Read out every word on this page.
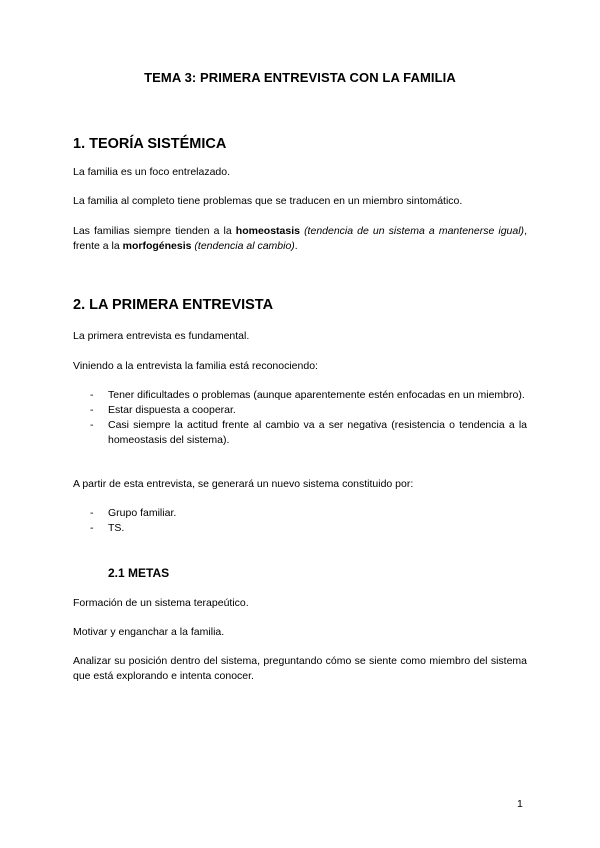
TEMA 3: PRIMERA ENTREVISTA CON LA FAMILIA
1. TEORÍA SISTÉMICA
La familia es un foco entrelazado.
La familia al completo tiene problemas que se traducen en un miembro sintomático.
Las familias siempre tienden a la homeostasis (tendencia de un sistema a mantenerse igual), frente a la morfogénesis (tendencia al cambio).
2. LA PRIMERA ENTREVISTA
La primera entrevista es fundamental.
Viniendo a la entrevista la familia está reconociendo:
- Tener dificultades o problemas (aunque aparentemente estén enfocadas en un miembro).
- Estar dispuesta a cooperar.
- Casi siempre la actitud frente al cambio va a ser negativa (resistencia o tendencia a la homeostasis del sistema).
A partir de esta entrevista, se generará un nuevo sistema constituido por:
- Grupo familiar.
- TS.
2.1 METAS
Formación de un sistema terapeútico.
Motivar y enganchar a la familia.
Analizar su posición dentro del sistema, preguntando cómo se siente como miembro del sistema que está explorando e intenta conocer.
1
